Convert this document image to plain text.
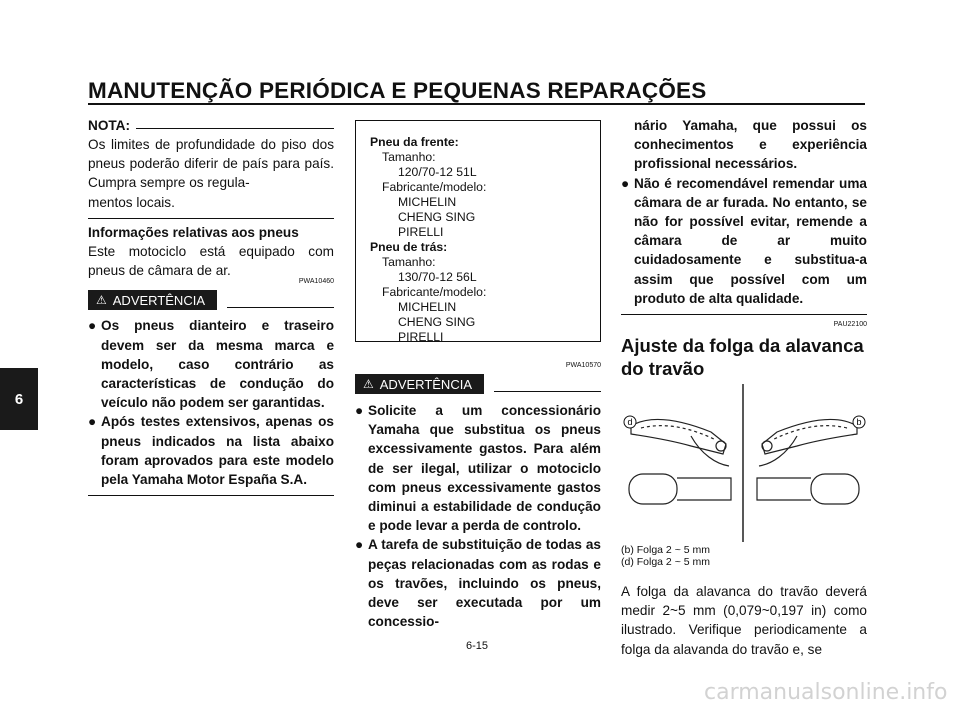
MANUTENÇÃO PERIÓDICA E PEQUENAS REPARAÇÕES
6
NOTA:

Os limites de profundidade do piso dos pneus poderão diferir de país para país. Cumpra sempre os regula-
mentos locais.

Informações relativas aos pneus

Este motociclo está equipado com pneus de câmara de ar.

PWA10460
⚠ ADVERTÊNCIA
● Os pneus dianteiro e traseiro devem ser da mesma marca e modelo, caso contrário as características de condução do veículo não podem ser garantidas.
● Após testes extensivos, apenas os pneus indicados na lista abaixo foram aprovados para este modelo pela Yamaha Motor España S.A.
Pneu da frente:
Tamanho:
120/70-12 51L
Fabricante/modelo:
MICHELIN
CHENG SING
PIRELLI
Pneu de trás:
Tamanho:
130/70-12 56L
Fabricante/modelo:
MICHELIN
CHENG SING
PIRELLI
PWA10570
⚠ ADVERTÊNCIA
● Solicite a um concessionário Yamaha que substitua os pneus excessivamente gastos. Para além de ser ilegal, utilizar o motociclo com pneus excessivamente gastos diminui a estabilidade de condução e pode levar a perda de controlo.
● A tarefa de substituição de todas as peças relacionadas com as rodas e os travões, incluindo os pneus, deve ser executada por um concessio-
nário Yamaha, que possui os conhecimentos e experiência profissional necessários.
● Não é recomendável remendar uma câmara de ar furada. No entanto, se não for possível evitar, remende a câmara de ar muito cuidadosamente e substitua-a assim que possível com um produto de alta qualidade.
PAU22100
Ajuste da folga da alavanca
do travão
d	b
(b) Folga 2 ~ 5 mm
(d) Folga 2 ~ 5 mm

A folga da alavanca do travão deverá medir 2~5 mm (0,079~0,197 in) como ilustrado. Verifique periodicamente a folga da alavanda do travão e, se

6-15
carmanualsonline.info
